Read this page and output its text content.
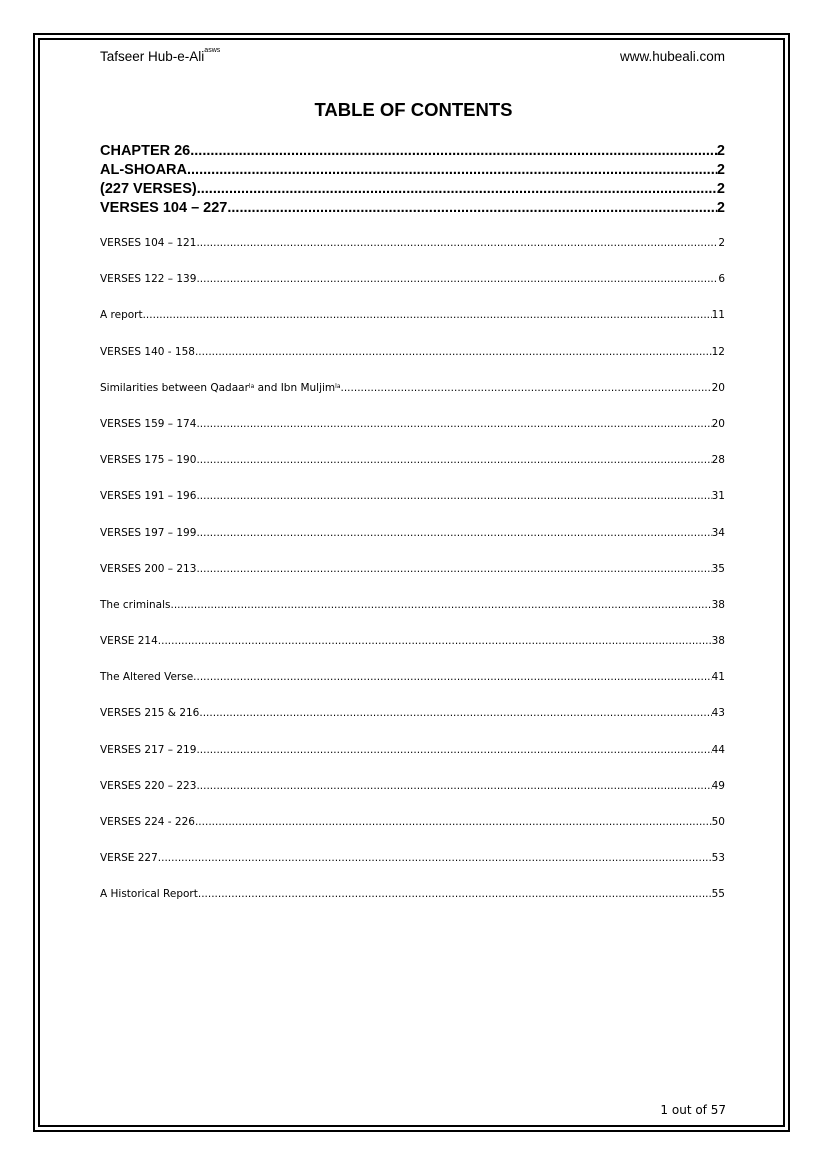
Tafseer Hub-e-Ali$^{asws}$	www.hubeali.com
TABLE OF CONTENTS
CHAPTER 26 .....	2
AL-SHOARA .....	2
(227 VERSES) .....	2
VERSES 104 – 227 .....	2
VERSES 104 – 121 .....	2
VERSES 122 – 139 .....	6
A report .....	11
VERSES 140 - 158 .....	12
Similarities between Qadaar$^{la}$ and Ibn Muljim$^{la}$ .....	20
VERSES 159 – 174 .....	20
VERSES 175 – 190 .....	28
VERSES 191 – 196 .....	31
VERSES 197 – 199 .....	34
VERSES 200 – 213 .....	35
The criminals .....	38
VERSE 214 .....	38
The Altered Verse .....	41
VERSES 215 & 216 .....	43
VERSES 217 – 219 .....	44
VERSES 220 – 223 .....	49
VERSES 224 - 226 .....	50
VERSE 227 .....	53
A Historical Report .....	55
1 out of 57
